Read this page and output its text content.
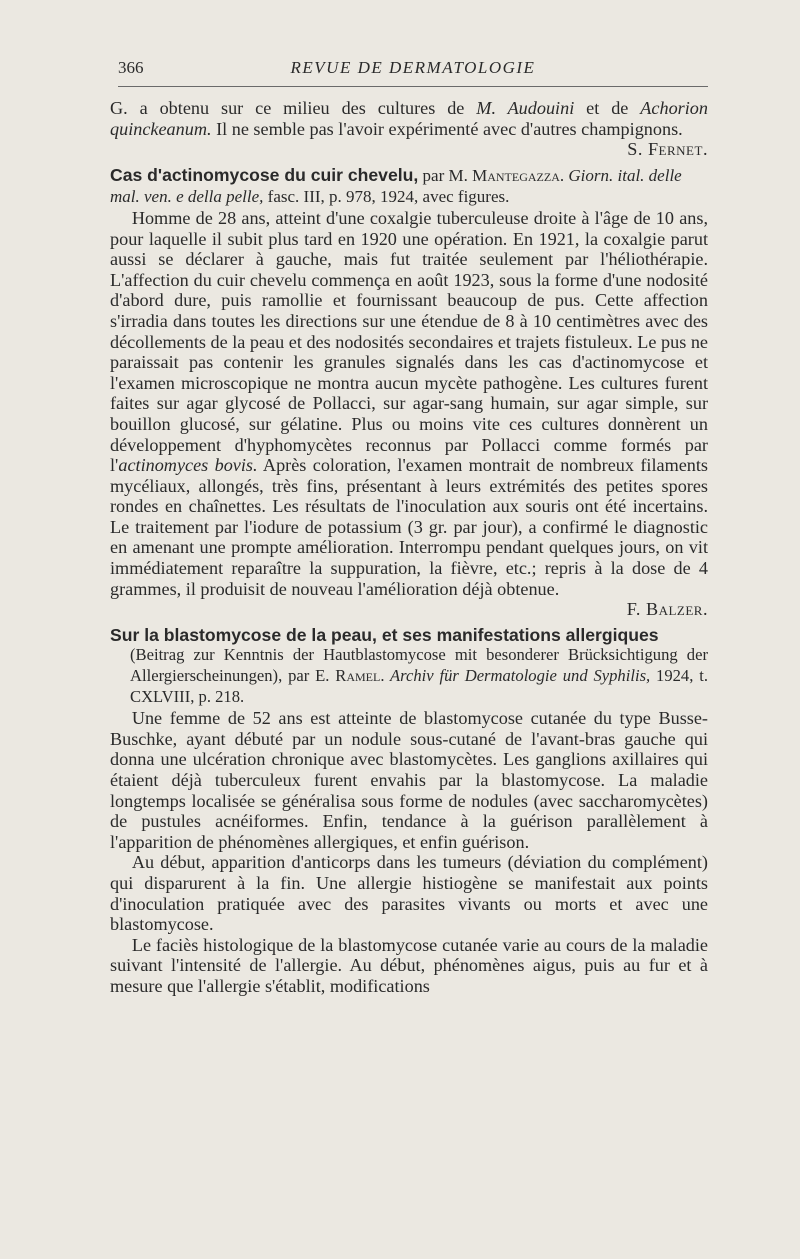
366	REVUE DE DERMATOLOGIE

G. a obtenu sur ce milieu des cultures de M. Audouini et de Achorion quinckeanum. Il ne semble pas l'avoir expérimenté avec d'autres champignons.

S. Fernet.
Cas d'actinomycose du cuir chevelu, par M. Mantegazza. Giorn. ital. delle mal. ven. e della pelle, fasc. III, p. 978, 1924, avec figures.

Homme de 28 ans, atteint d'une coxalgie tuberculeuse droite à l'âge de 10 ans, pour laquelle il subit plus tard en 1920 une opération. En 1921, la coxalgie parut aussi se déclarer à gauche, mais fut traitée seulement par l'héliothérapie. L'affection du cuir chevelu commença en août 1923, sous la forme d'une nodosité d'abord dure, puis ramollie et fournissant beaucoup de pus. Cette affection s'irradia dans toutes les directions sur une étendue de 8 à 10 centimètres avec des décollements de la peau et des nodosités secondaires et trajets fistuleux. Le pus ne paraissait pas contenir les granules signalés dans les cas d'actinomycose et l'examen microscopique ne montra aucun mycète pathogène. Les cultures furent faites sur agar glycosé de Pollacci, sur agar-sang humain, sur agar simple, sur bouillon glucosé, sur gélatine. Plus ou moins vite ces cultures donnèrent un développement d'hyphomycètes reconnus par Pollacci comme formés par l'actinomyces bovis. Après coloration, l'examen montrait de nombreux filaments mycéliaux, allongés, très fins, présentant à leurs extrémités des petites spores rondes en chaînettes. Les résultats de l'inoculation aux souris ont été incertains. Le traitement par l'iodure de potassium (3 gr. par jour), a confirmé le diagnostic en amenant une prompte amélioration. Interrompu pendant quelques jours, on vit immédiatement reparaître la suppuration, la fièvre, etc.; repris à la dose de 4 grammes, il produisit de nouveau l'amélioration déjà obtenue.

F. Balzer.
Sur la blastomycose de la peau, et ses manifestations allergiques

(Beitrag zur Kenntnis der Hautblastomycose mit besonderer Brücksichtigung der Allergierscheinungen), par E. Ramel. Archiv für Dermatologie und Syphilis, 1924, t. CXLVIII, p. 218.

Une femme de 52 ans est atteinte de blastomycose cutanée du type Busse-Buschke, ayant débuté par un nodule sous-cutané de l'avant-bras gauche qui donna une ulcération chronique avec blastomycètes. Les ganglions axillaires qui étaient déjà tuberculeux furent envahis par la blastomycose. La maladie longtemps localisée se généralisa sous forme de nodules (avec saccharomycètes) de pustules acnéiformes. Enfin, tendance à la guérison parallèlement à l'apparition de phénomènes allergiques, et enfin guérison.

Au début, apparition d'anticorps dans les tumeurs (déviation du complément) qui disparurent à la fin. Une allergie histiogène se manifestait aux points d'inoculation pratiquée avec des parasites vivants ou morts et avec une blastomycose.

Le faciès histologique de la blastomycose cutanée varie au cours de la maladie suivant l'intensité de l'allergie. Au début, phénomènes aigus, puis au fur et à mesure que l'allergie s'établit, modifications
